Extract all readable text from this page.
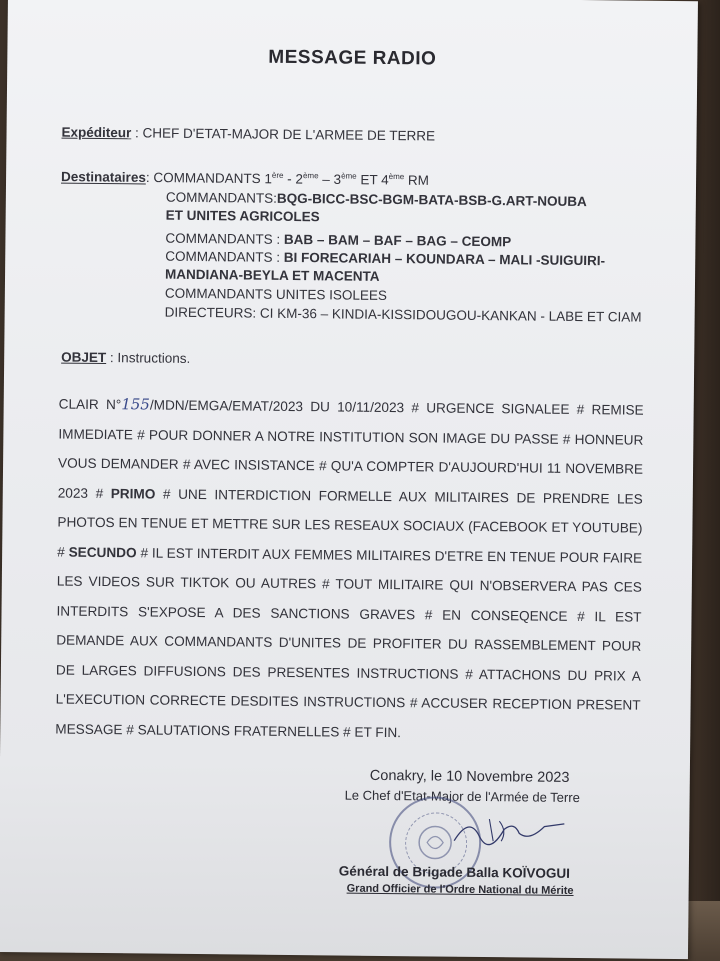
MESSAGE RADIO
Expéditeur : CHEF D'ETAT-MAJOR DE L'ARMEE DE TERRE
Destinataires: COMMANDANTS 1ère - 2ème – 3ème ET 4ème RM
COMMANDANTS:BQG-BICC-BSC-BGM-BATA-BSB-G.ART-NOUBA
ET UNITES AGRICOLES
COMMANDANTS : BAB – BAM – BAF – BAG – CEOMP
COMMANDANTS : BI FORECARIAH – KOUNDARA – MALI -SUIGUIRI-
MANDIANA-BEYLA ET MACENTA
COMMANDANTS UNITES ISOLEES
DIRECTEURS: CI KM-36 – KINDIA-KISSIDOUGOU-KANKAN - LABE ET CIAM
OBJET : Instructions.
CLAIR N°155/MDN/EMGA/EMAT/2023 DU 10/11/2023 # URGENCE SIGNALEE # REMISE IMMEDIATE # POUR DONNER A NOTRE INSTITUTION SON IMAGE DU PASSE # HONNEUR VOUS DEMANDER # AVEC INSISTANCE # QU'A COMPTER D'AUJOURD'HUI 11 NOVEMBRE 2023 # PRIMO # UNE INTERDICTION FORMELLE AUX MILITAIRES DE PRENDRE LES PHOTOS EN TENUE ET METTRE SUR LES RESEAUX SOCIAUX (FACEBOOK ET YOUTUBE) # SECUNDO # IL EST INTERDIT AUX FEMMES MILITAIRES D'ETRE EN TENUE POUR FAIRE LES VIDEOS SUR TIKTOK OU AUTRES # TOUT MILITAIRE QUI N'OBSERVERA PAS CES INTERDITS S'EXPOSE A DES SANCTIONS GRAVES # EN CONSEQENCE # IL EST DEMANDE AUX COMMANDANTS D'UNITES DE PROFITER DU RASSEMBLEMENT POUR DE LARGES DIFFUSIONS DES PRESENTES INSTRUCTIONS # ATTACHONS DU PRIX A L'EXECUTION CORRECTE DESDITES INSTRUCTIONS # ACCUSER RECEPTION PRESENT MESSAGE # SALUTATIONS FRATERNELLES # ET FIN.
Conakry, le 10 Novembre 2023
Le Chef d'Etat-Major de l'Armée de Terre
Général de Brigade Balla KOÏVOGUI
Grand Officier de l'Ordre National du Mérite
